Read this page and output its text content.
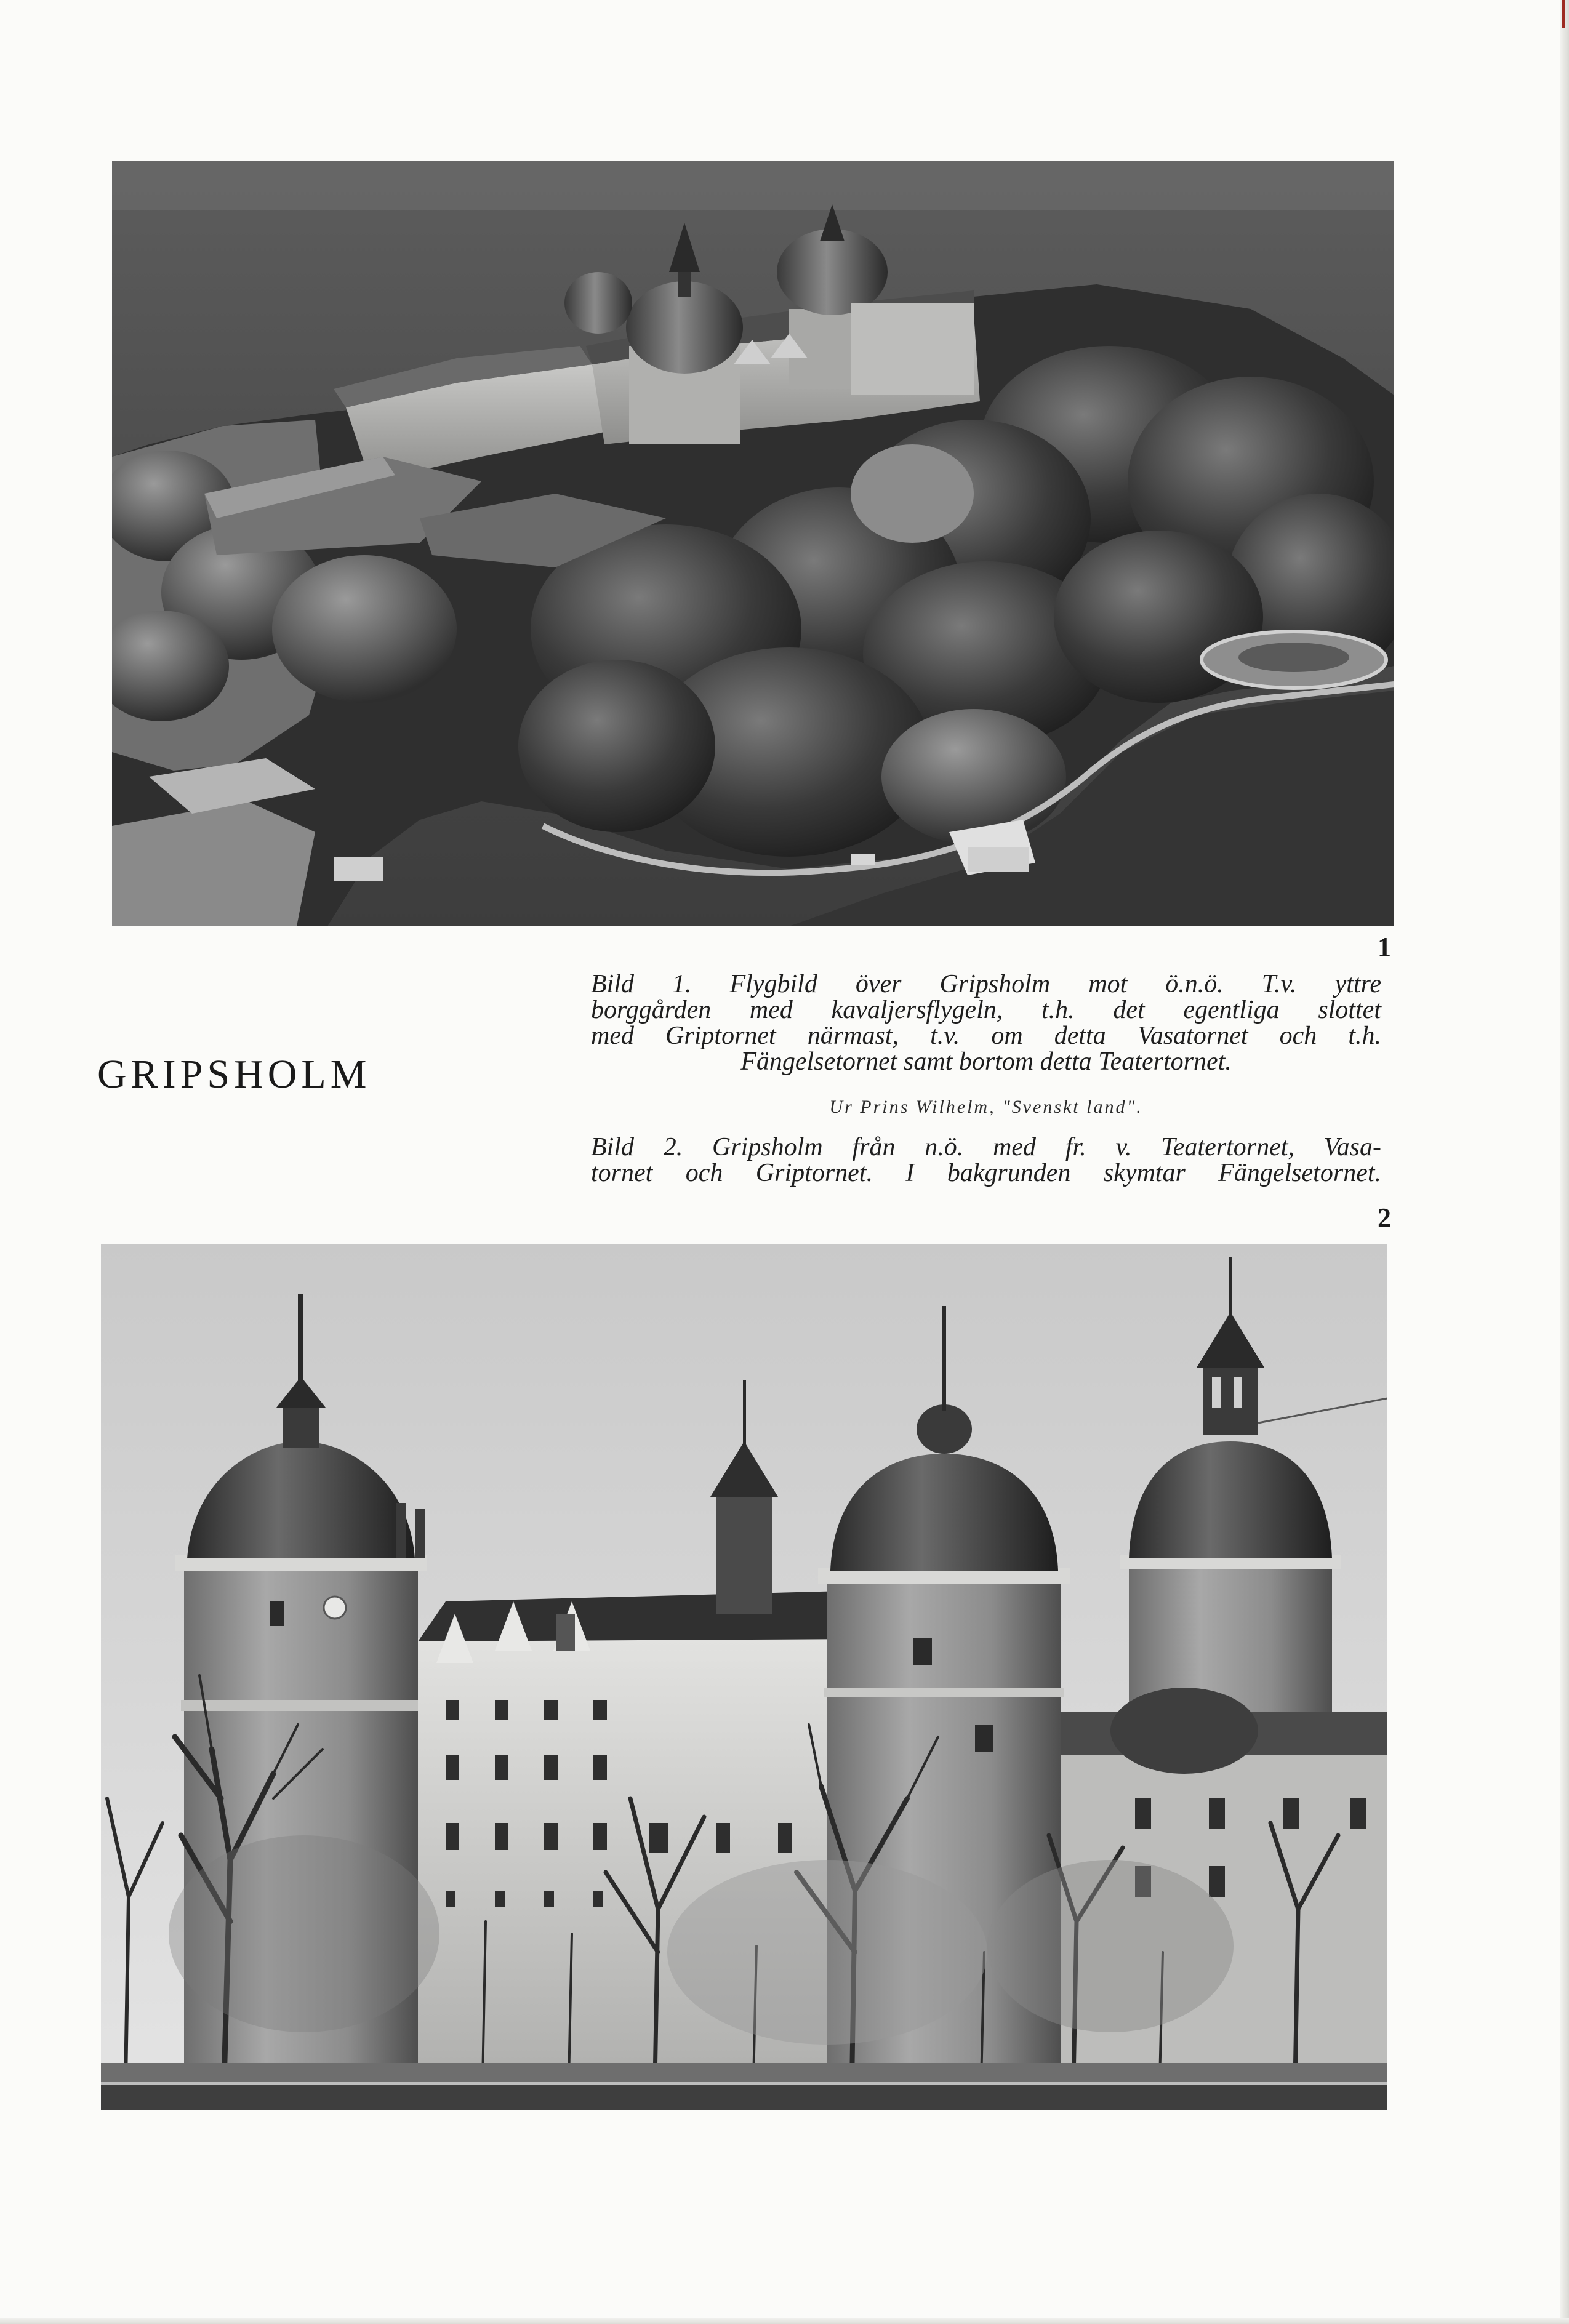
1
GRIPSHOLM
Bild 1. Flygbild över Gripsholm mot ö.n.ö. T.v. yttre
borggården med kavaljersflygeln, t.h. det egentliga slottet
med Griptornet närmast, t.v. om detta Vasatornet och t.h.
Fängelsetornet samt bortom detta Teatertornet.
Ur Prins Wilhelm, "Svenskt land".
Bild 2. Gripsholm från n.ö. med fr. v. Teatertornet, Vasa-
tornet och Griptornet. I bakgrunden skymtar Fängelsetornet.
2
